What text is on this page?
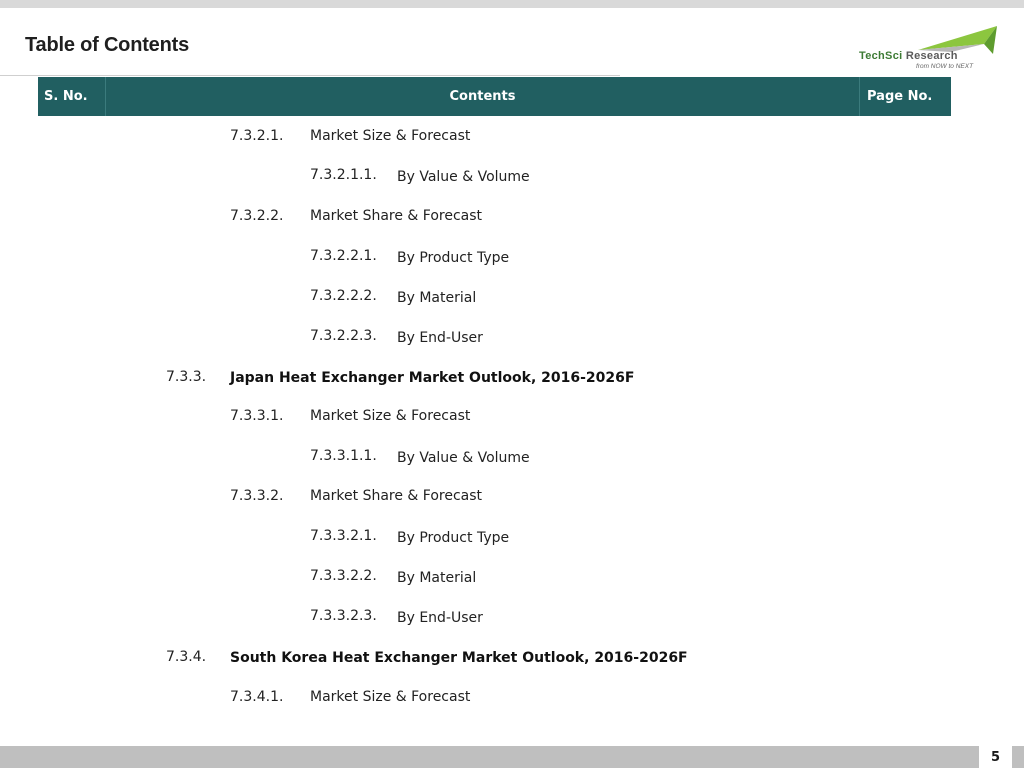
Table of Contents	TechSci Research
from NOW to NEXT
S. No.	Contents	Page No.
7.3.2.1. Market Size & Forecast
7.3.2.1.1. By Value & Volume
7.3.2.2. Market Share & Forecast
7.3.2.2.1. By Product Type
7.3.2.2.2. By Material
7.3.2.2.3. By End-User
7.3.3. Japan Heat Exchanger Market Outlook, 2016-2026F
7.3.3.1. Market Size & Forecast
7.3.3.1.1. By Value & Volume
7.3.3.2. Market Share & Forecast
7.3.3.2.1. By Product Type
7.3.3.2.2. By Material
7.3.3.2.3. By End-User
7.3.4. South Korea Heat Exchanger Market Outlook, 2016-2026F
7.3.4.1. Market Size & Forecast
5
